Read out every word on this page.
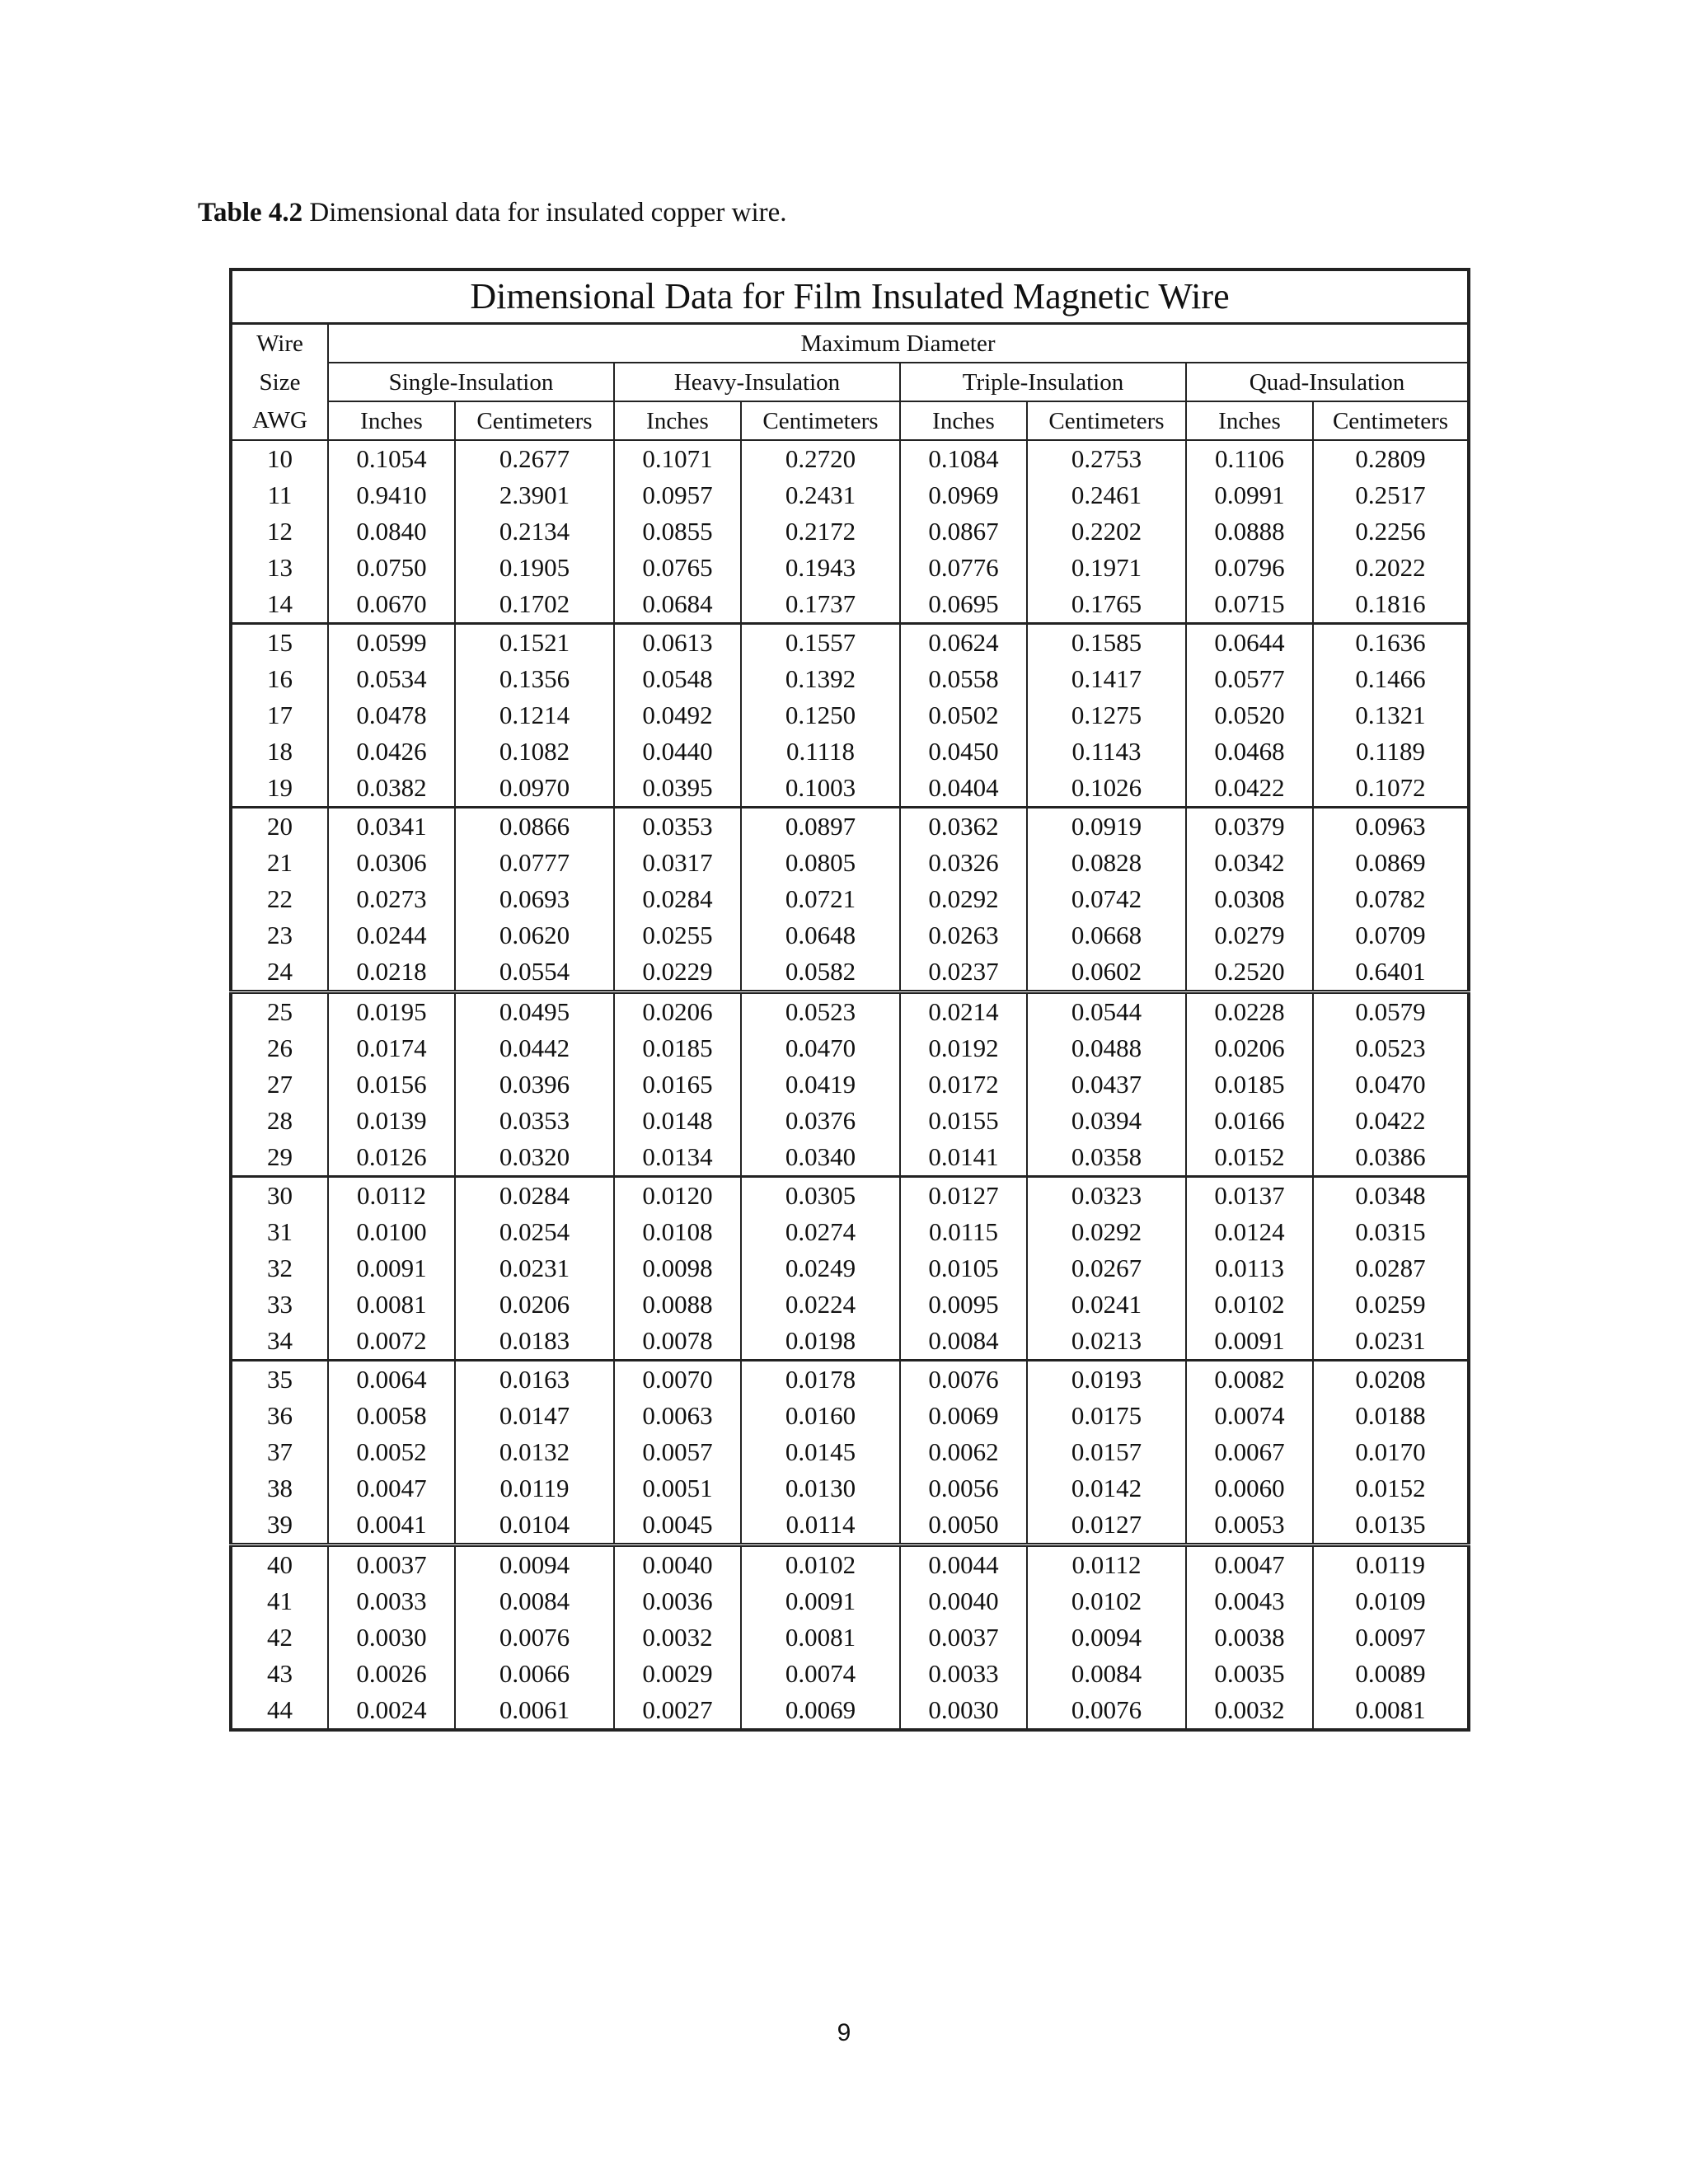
Table 4.2 Dimensional data for insulated copper wire.
Dimensional Data for Film Insulated Magnetic Wire								
Wire	Maximum Diameter							
Size	Single-Insulation		Heavy-Insulation		Triple-Insulation		Quad-Insulation	
AWG	Inches	Centimeters	Inches	Centimeters	Inches	Centimeters	Inches	Centimeters
10	0.1054	0.2677	0.1071	0.2720	0.1084	0.2753	0.1106	0.2809
11	0.9410	2.3901	0.0957	0.2431	0.0969	0.2461	0.0991	0.2517
12	0.0840	0.2134	0.0855	0.2172	0.0867	0.2202	0.0888	0.2256
13	0.0750	0.1905	0.0765	0.1943	0.0776	0.1971	0.0796	0.2022
14	0.0670	0.1702	0.0684	0.1737	0.0695	0.1765	0.0715	0.1816
15	0.0599	0.1521	0.0613	0.1557	0.0624	0.1585	0.0644	0.1636
16	0.0534	0.1356	0.0548	0.1392	0.0558	0.1417	0.0577	0.1466
17	0.0478	0.1214	0.0492	0.1250	0.0502	0.1275	0.0520	0.1321
18	0.0426	0.1082	0.0440	0.1118	0.0450	0.1143	0.0468	0.1189
19	0.0382	0.0970	0.0395	0.1003	0.0404	0.1026	0.0422	0.1072
20	0.0341	0.0866	0.0353	0.0897	0.0362	0.0919	0.0379	0.0963
21	0.0306	0.0777	0.0317	0.0805	0.0326	0.0828	0.0342	0.0869
22	0.0273	0.0693	0.0284	0.0721	0.0292	0.0742	0.0308	0.0782
23	0.0244	0.0620	0.0255	0.0648	0.0263	0.0668	0.0279	0.0709
24	0.0218	0.0554	0.0229	0.0582	0.0237	0.0602	0.2520	0.6401
25	0.0195	0.0495	0.0206	0.0523	0.0214	0.0544	0.0228	0.0579
26	0.0174	0.0442	0.0185	0.0470	0.0192	0.0488	0.0206	0.0523
27	0.0156	0.0396	0.0165	0.0419	0.0172	0.0437	0.0185	0.0470
28	0.0139	0.0353	0.0148	0.0376	0.0155	0.0394	0.0166	0.0422
29	0.0126	0.0320	0.0134	0.0340	0.0141	0.0358	0.0152	0.0386
30	0.0112	0.0284	0.0120	0.0305	0.0127	0.0323	0.0137	0.0348
31	0.0100	0.0254	0.0108	0.0274	0.0115	0.0292	0.0124	0.0315
32	0.0091	0.0231	0.0098	0.0249	0.0105	0.0267	0.0113	0.0287
33	0.0081	0.0206	0.0088	0.0224	0.0095	0.0241	0.0102	0.0259
34	0.0072	0.0183	0.0078	0.0198	0.0084	0.0213	0.0091	0.0231
35	0.0064	0.0163	0.0070	0.0178	0.0076	0.0193	0.0082	0.0208
36	0.0058	0.0147	0.0063	0.0160	0.0069	0.0175	0.0074	0.0188
37	0.0052	0.0132	0.0057	0.0145	0.0062	0.0157	0.0067	0.0170
38	0.0047	0.0119	0.0051	0.0130	0.0056	0.0142	0.0060	0.0152
39	0.0041	0.0104	0.0045	0.0114	0.0050	0.0127	0.0053	0.0135
40	0.0037	0.0094	0.0040	0.0102	0.0044	0.0112	0.0047	0.0119
41	0.0033	0.0084	0.0036	0.0091	0.0040	0.0102	0.0043	0.0109
42	0.0030	0.0076	0.0032	0.0081	0.0037	0.0094	0.0038	0.0097
43	0.0026	0.0066	0.0029	0.0074	0.0033	0.0084	0.0035	0.0089
44	0.0024	0.0061	0.0027	0.0069	0.0030	0.0076	0.0032	0.0081
9
